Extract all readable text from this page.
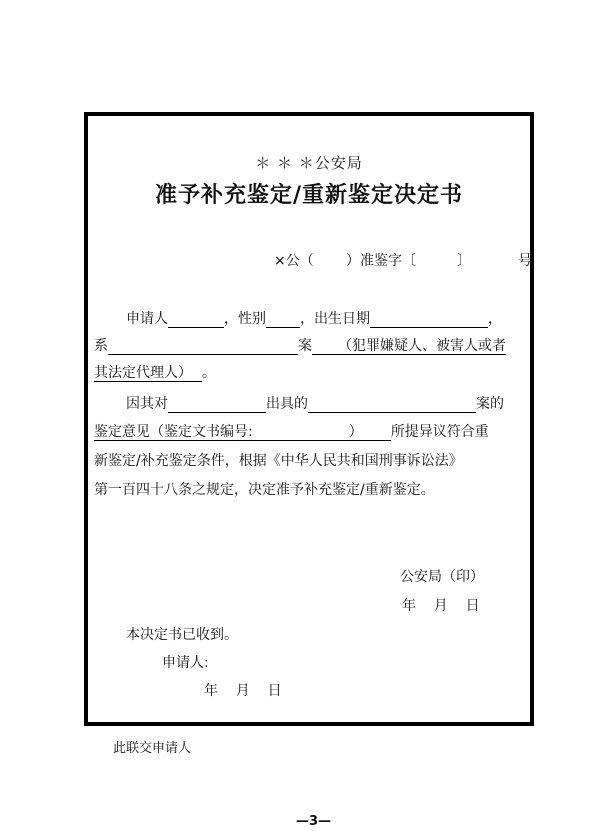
＊ ＊ ＊公安局
准予补充鉴定/重新鉴定决定书
×公（ ）准鉴字〔	〕	号
申请人	，性别 ，出生日期	，
系	案 （犯罪嫌疑人、被害人或者
其法定代理人） 。
因其对	出具的	案的
鉴定意见（鉴定文书编号:	） 所提异议符合重
新鉴定/补充鉴定条件，根据《中华人民共和国刑事诉讼法》
第一百四十八条之规定，决定准予补充鉴定/重新鉴定。
公安局（印）
年    月    日
本决定书已收到。
申请人:
年    月    日
此联交申请人
—3—
